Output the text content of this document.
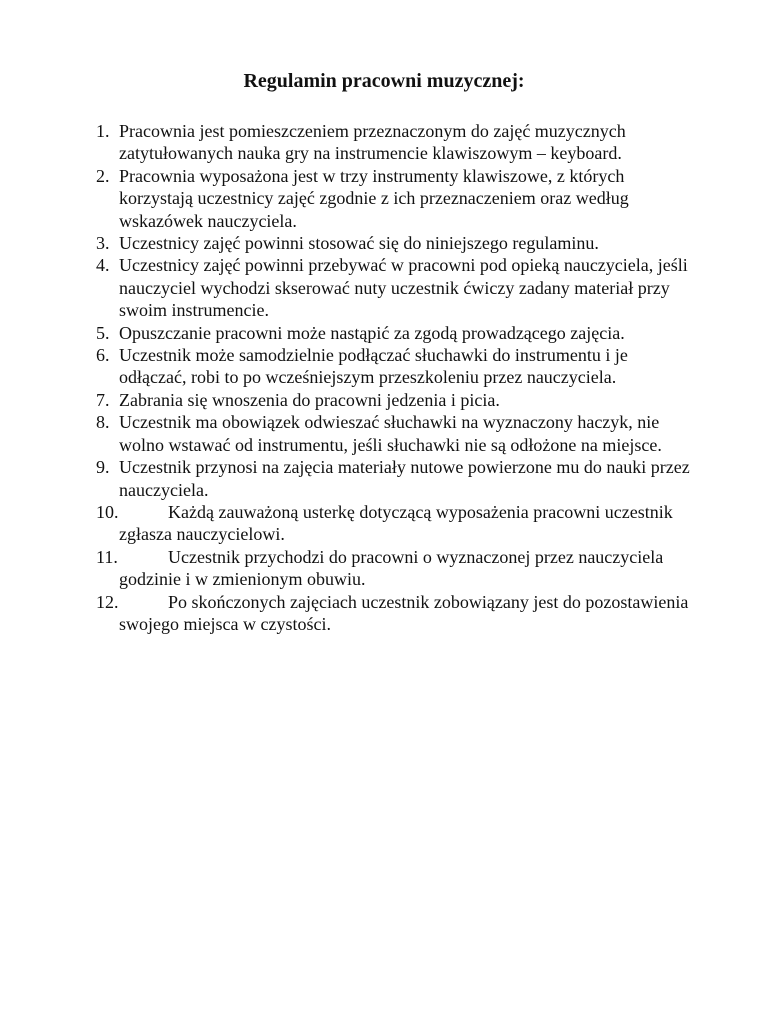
Regulamin pracowni muzycznej:
1. Pracownia jest pomieszczeniem przeznaczonym do zajęć muzycznych zatytułowanych nauka gry na instrumencie klawiszowym – keyboard.
2. Pracownia wyposażona jest w trzy instrumenty klawiszowe, z których korzystają uczestnicy zajęć zgodnie z ich przeznaczeniem oraz według wskazówek nauczyciela.
3. Uczestnicy zajęć powinni stosować się do niniejszego regulaminu.
4. Uczestnicy zajęć powinni przebywać w pracowni pod opieką nauczyciela, jeśli nauczyciel wychodzi skserować nuty uczestnik ćwiczy zadany materiał przy swoim instrumencie.
5. Opuszczanie pracowni może nastąpić za zgodą prowadzącego zajęcia.
6. Uczestnik może samodzielnie podłączać słuchawki do instrumentu i je odłączać, robi to po wcześniejszym przeszkoleniu przez nauczyciela.
7. Zabrania się wnoszenia do pracowni jedzenia i picia.
8. Uczestnik ma obowiązek odwieszać słuchawki na wyznaczony haczyk, nie wolno wstawać od instrumentu, jeśli słuchawki nie są odłożone na miejsce.
9. Uczestnik przynosi na zajęcia materiały nutowe powierzone mu do nauki przez nauczyciela.
10.	Każdą zauważoną usterkę dotyczącą wyposażenia pracowni uczestnik zgłasza nauczycielowi.
11.	Uczestnik przychodzi do pracowni o wyznaczonej przez nauczyciela godzinie i w zmienionym obuwiu.
12.	Po skończonych zajęciach uczestnik zobowiązany jest do pozostawienia swojego miejsca w czystości.
